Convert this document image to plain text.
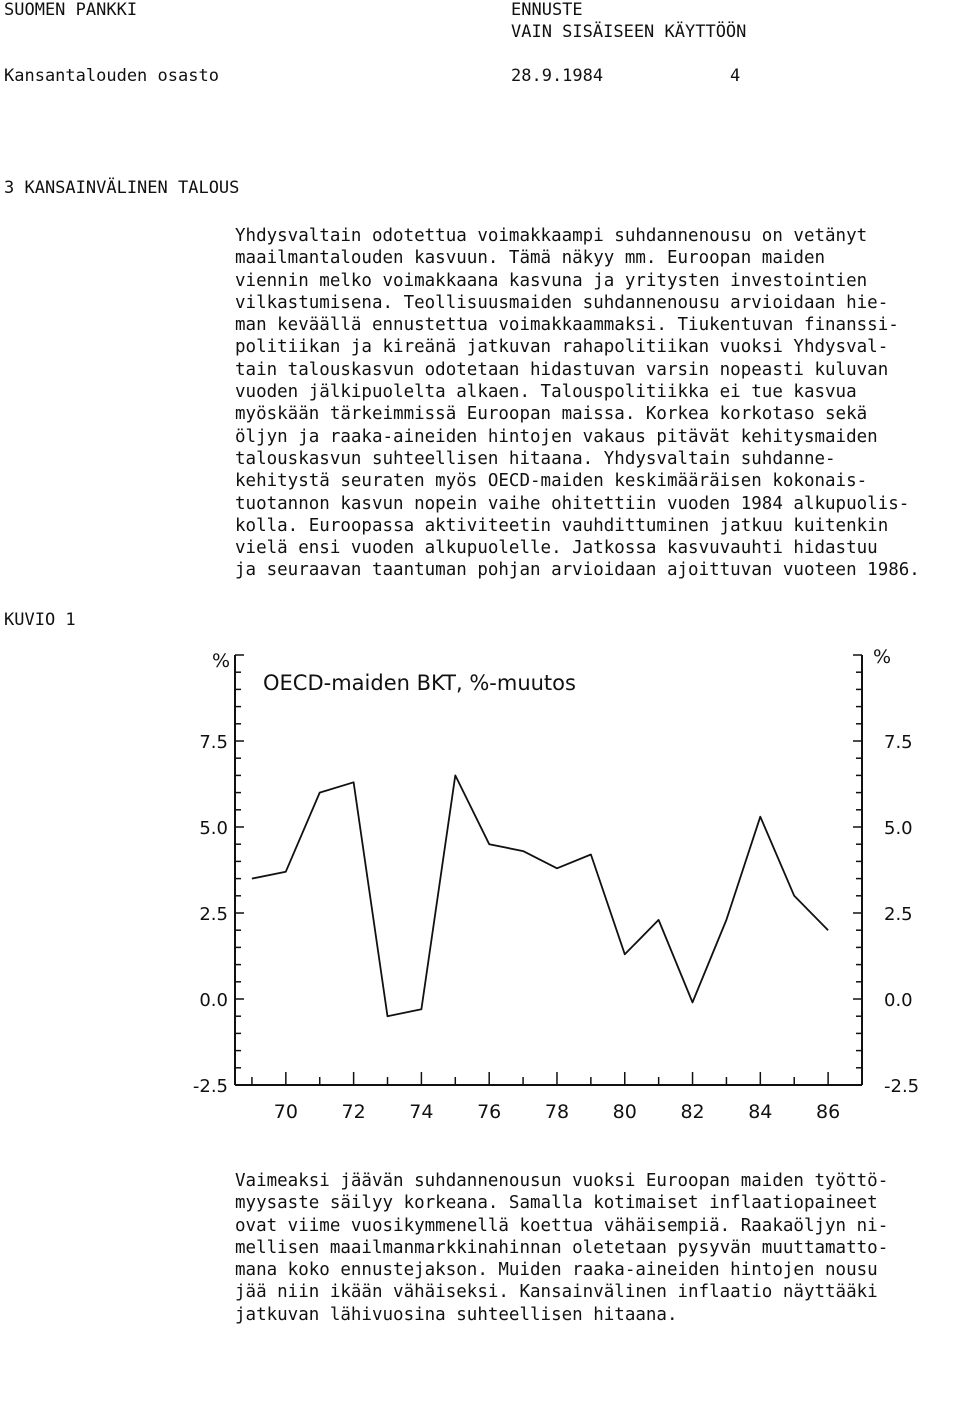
SUOMEN PANKKI	ENNUSTE
VAIN SISÄISEEN KÄYTTÖÖN
Kansantalouden osasto	28.9.1984	4
3 KANSAINVÄLINEN TALOUS
Yhdysvaltain odotettua voimakkaampi suhdannenousu on vetänyt
maailmantalouden kasvuun. Tämä näkyy mm. Euroopan maiden
viennin melko voimakkaana kasvuna ja yritysten investointien
vilkastumisena. Teollisuusmaiden suhdannenousu arvioidaan hie-
man keväällä ennustettua voimakkaammaksi. Tiukentuvan finanssi-
politiikan ja kireänä jatkuvan rahapolitiikan vuoksi Yhdysval-
tain talouskasvun odotetaan hidastuvan varsin nopeasti kuluvan
vuoden jälkipuolelta alkaen. Talouspolitiikka ei tue kasvua
myöskään tärkeimmissä Euroopan maissa. Korkea korkotaso sekä
öljyn ja raaka-aineiden hintojen vakaus pitävät kehitysmaiden
talouskasvun suhteellisen hitaana. Yhdysvaltain suhdanne-
kehitystä seuraten myös OECD-maiden keskimääräisen kokonais-
tuotannon kasvun nopein vaihe ohitettiin vuoden 1984 alkupuolis-
kolla. Euroopassa aktiviteetin vauhdittuminen jatkuu kuitenkin
vielä ensi vuoden alkupuolelle. Jatkossa kasvuvauhti hidastuu
ja seuraavan taantuman pohjan arvioidaan ajoittuvan vuoteen 1986.
KUVIO 1
7.5	7.5
5.0	5.0
2.5	2.5
0.0	0.0
-2.5	-2.5
70 72 74 76 78 80 82 84 86
%	%
OECD-maiden BKT, %-muutos
Vaimeaksi jäävän suhdannenousun vuoksi Euroopan maiden työttö-
myysaste säilyy korkeana. Samalla kotimaiset inflaatiopaineet
ovat viime vuosikymmenellä koettua vähäisempiä. Raakaöljyn ni-
mellisen maailmanmarkkinahinnan oletetaan pysyvän muuttamatto-
mana koko ennustejakson. Muiden raaka-aineiden hintojen nousu
jää niin ikään vähäiseksi. Kansainvälinen inflaatio näyttääki
jatkuvan lähivuosina suhteellisen hitaana.
